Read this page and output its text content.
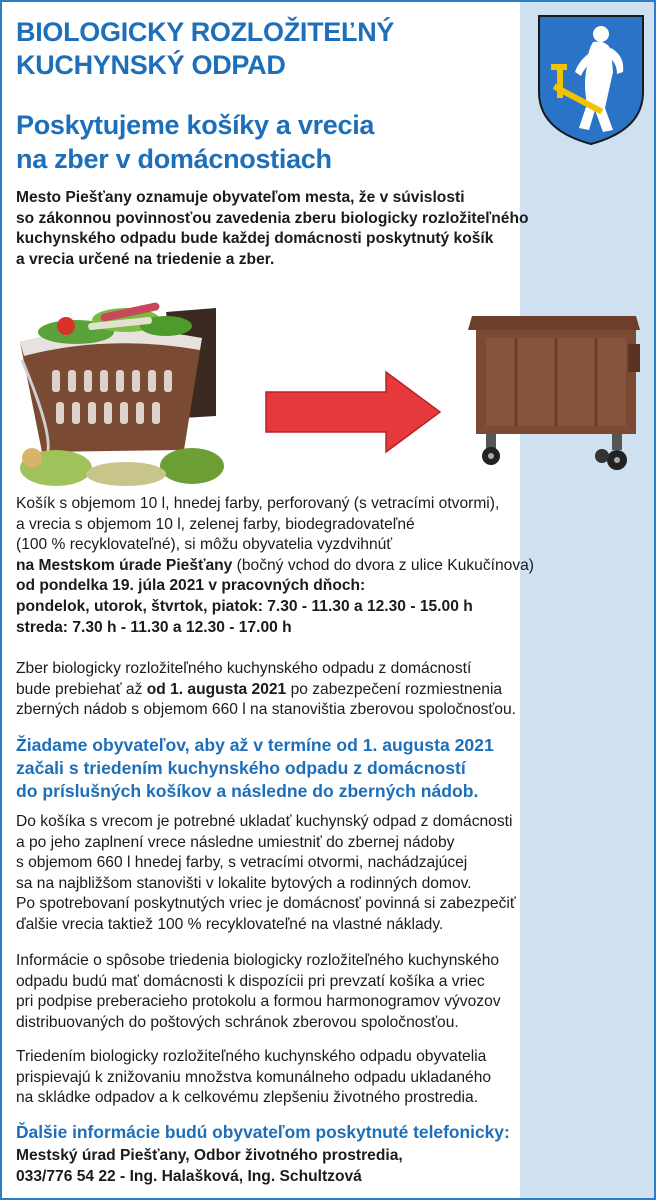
BIOLOGICKY ROZLOŽITEĽNÝ
KUCHYNSKÝ ODPAD
Poskytujeme košíky a vrecia
na zber v domácnostiach
Mesto Piešťany oznamuje obyvateľom mesta, že v súvislosti
so zákonnou povinnosťou zavedenia zberu biologicky rozložiteľného
kuchynského odpadu bude každej domácnosti poskytnutý košík
a vrecia určené na triedenie a zber.
Košík s objemom 10 l, hnedej farby, perforovaný (s vetracími otvormi),
a vrecia s objemom 10 l, zelenej farby, biodegradovateľné
(100 % recyklovateľné), si môžu obyvatelia vyzdvihnúť
na Mestskom úrade Piešťany (bočný vchod do dvora z ulice Kukučínova)
od pondelka 19. júla 2021 v pracovných dňoch:
pondelok, utorok, štvrtok, piatok: 7.30 - 11.30 a 12.30 - 15.00 h
streda: 7.30 h - 11.30 a 12.30 - 17.00 h
Zber biologicky rozložiteľného kuchynského odpadu z domácností
bude prebiehať až od 1. augusta 2021 po zabezpečení rozmiestnenia
zberných nádob s objemom 660 l na stanovištia zberovou spoločnosťou.
Žiadame obyvateľov, aby až v termíne od 1. augusta 2021
začali s triedením kuchynského odpadu z domácností
do príslušných košíkov a následne do zberných nádob.
Do košíka s vrecom je potrebné ukladať kuchynský odpad z domácnosti
a po jeho zaplnení vrece následne umiestniť do zbernej nádoby
s objemom 660 l hnedej farby, s vetracími otvormi, nachádzajúcej
sa na najbližšom stanovišti v lokalite bytových a rodinných domov.
Po spotrebovaní poskytnutých vriec je domácnosť povinná si zabezpečiť
ďalšie vrecia taktiež 100 % recyklovateľné na vlastné náklady.
Informácie o spôsobe triedenia biologicky rozložiteľného kuchynského
odpadu budú mať domácnosti k dispozícii pri prevzatí košíka a vriec
pri podpise preberacieho protokolu a formou harmonogramov vývozov
distribuovaných do poštových schránok zberovou spoločnosťou.
Triedením biologicky rozložiteľného kuchynského odpadu obyvatelia
prispievajú k znižovaniu množstva komunálneho odpadu ukladaného
na skládke odpadov a k celkovému zlepšeniu životného prostredia.
Ďalšie informácie budú obyvateľom poskytnuté telefonicky:
Mestský úrad Piešťany, Odbor životného prostredia,
033/776 54 22 - Ing. Halašková, Ing. Schultzová
